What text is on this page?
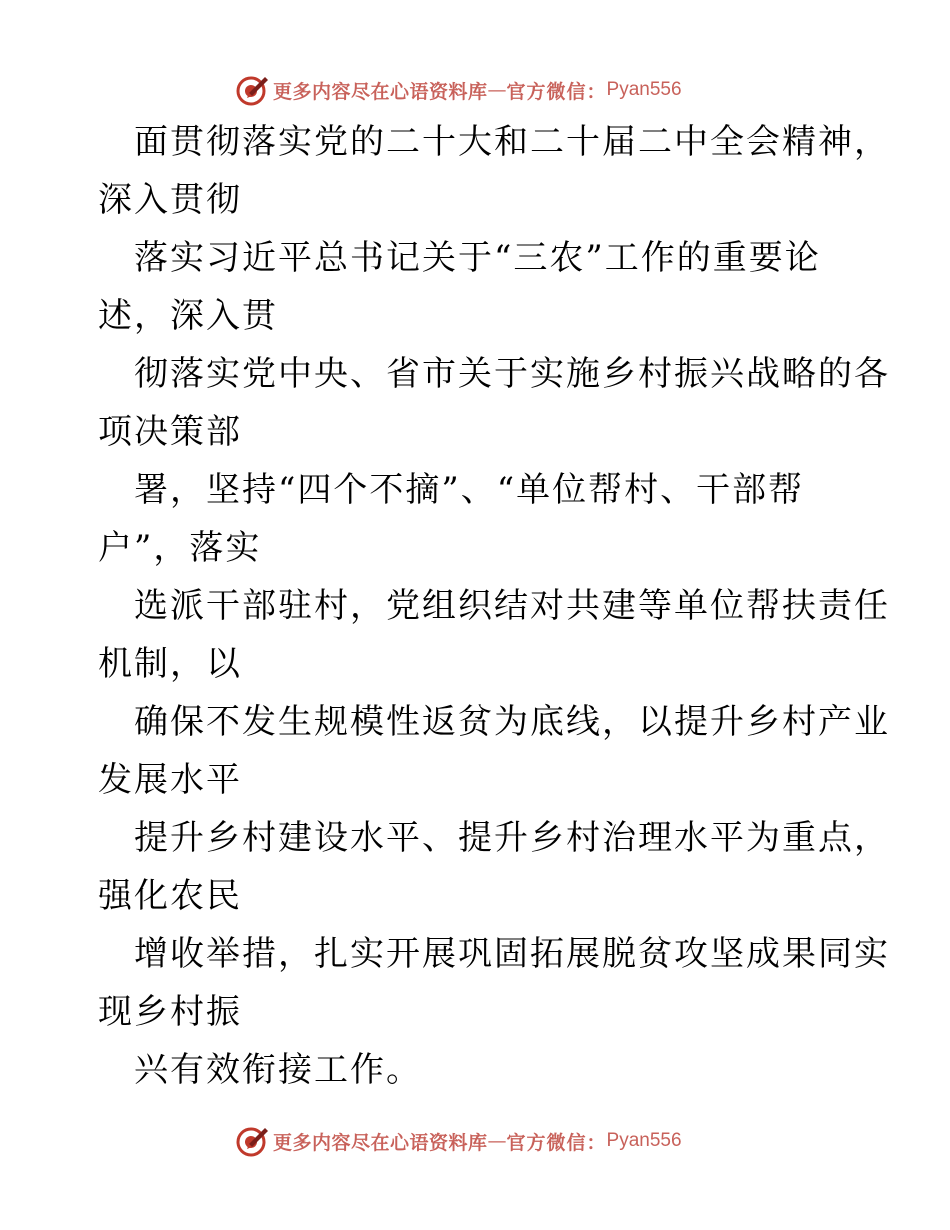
更多内容尽在心语资料库 — 官方微信： Pyan556
面贯彻落实党的二十大和二十届二中全会精神，
深入贯彻
落实习近平总书记关于“三农”工作的重要论
述，深入贯
彻落实党中央、省市关于实施乡村振兴战略的各
项决策部
署，坚持“四个不摘”、“单位帮村、干部帮
户”，落实
选派干部驻村，党组织结对共建等单位帮扶责任
机制，以
确保不发生规模性返贫为底线，以提升乡村产业
发展水平
提升乡村建设水平、提升乡村治理水平为重点，
强化农民
增收举措，扎实开展巩固拓展脱贫攻坚成果同实
现乡村振
兴有效衔接工作。
更多内容尽在心语资料库 — 官方微信： Pyan556
